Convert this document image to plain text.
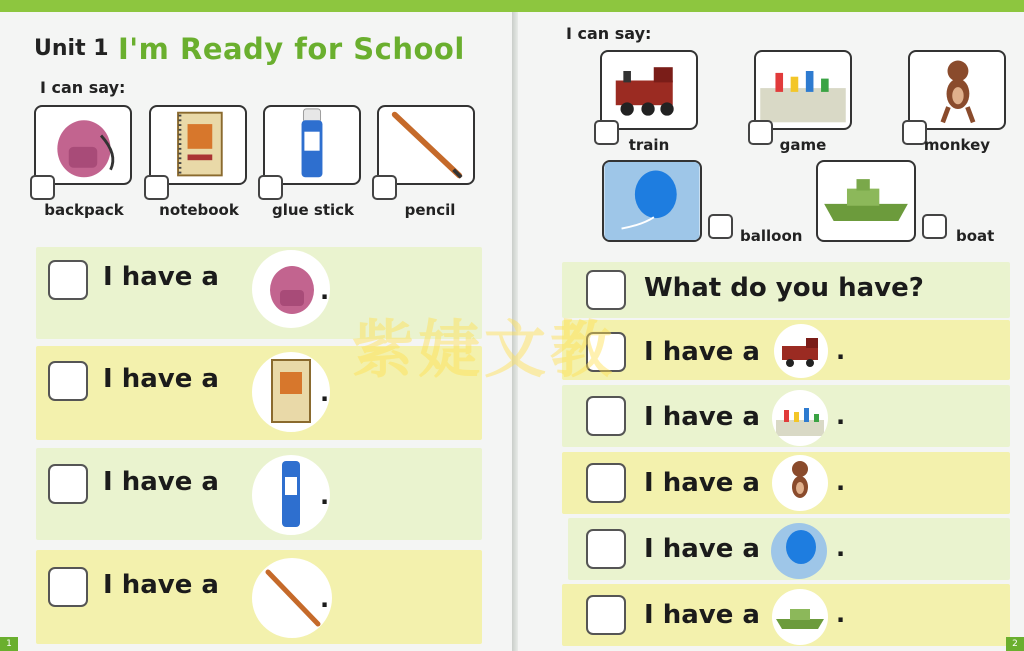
Unit 1 I'm Ready for School
I can say:
backpack	notebook	glue stick	pencil
I have a
I have a
I have a
I have a
.
.
.
.
1
I can say:
train	game	monkey
balloon	boat
What do you have?
I have a
I have a
I have a
I have a
I have a
.
.
.
.
.
2
紫婕文教
